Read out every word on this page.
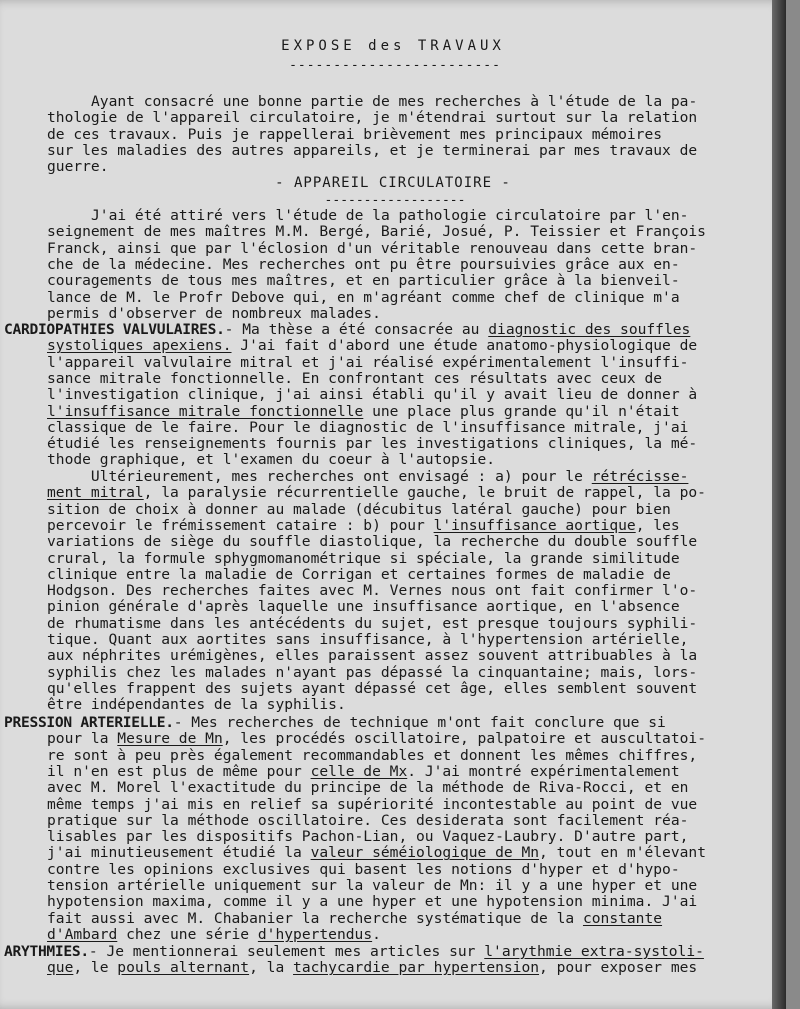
EXPOSE des TRAVAUX
------------------------
Ayant consacré une bonne partie de mes recherches à l'étude de la pa-
thologie de l'appareil circulatoire, je m'étendrai surtout sur la relation
de ces travaux. Puis je rappellerai brièvement mes principaux mémoires
sur les maladies des autres appareils, et je terminerai par mes travaux de
guerre.
- APPAREIL CIRCULATOIRE -
------------------
J'ai été attiré vers l'étude de la pathologie circulatoire par l'en-
seignement de mes maîtres M.M. Bergé, Barié, Josué, P. Teissier et François
Franck, ainsi que par l'éclosion d'un véritable renouveau dans cette bran-
che de la médecine. Mes recherches ont pu être poursuivies grâce aux en-
couragements de tous mes maîtres, et en particulier grâce à la bienveil-
lance de M. le Profr Debove qui, en m'agréant comme chef de clinique m'a
permis d'observer de nombreux malades.
CARDIOPATHIES VALVULAIRES.- Ma thèse a été consacrée au diagnostic des souffles
systoliques apexiens. J'ai fait d'abord une étude anatomo-physiologique de
l'appareil valvulaire mitral et j'ai réalisé expérimentalement l'insuffi-
sance mitrale fonctionnelle. En confrontant ces résultats avec ceux de
l'investigation clinique, j'ai ainsi établi qu'il y avait lieu de donner à
l'insuffisance mitrale fonctionnelle une place plus grande qu'il n'était
classique de le faire. Pour le diagnostic de l'insuffisance mitrale, j'ai
étudié les renseignements fournis par les investigations cliniques, la mé-
thode graphique, et l'examen du coeur à l'autopsie.
Ultérieurement, mes recherches ont envisagé : a) pour le rétrécisse-
ment mitral, la paralysie récurrentielle gauche, le bruit de rappel, la po-
sition de choix à donner au malade (décubitus latéral gauche) pour bien
percevoir le frémissement cataire : b) pour l'insuffisance aortique, les
variations de siège du souffle diastolique, la recherche du double souffle
crural, la formule sphygmomanométrique si spéciale, la grande similitude
clinique entre la maladie de Corrigan et certaines formes de maladie de
Hodgson. Des recherches faites avec M. Vernes nous ont fait confirmer l'o-
pinion générale d'après laquelle une insuffisance aortique, en l'absence
de rhumatisme dans les antécédents du sujet, est presque toujours syphili-
tique. Quant aux aortites sans insuffisance, à l'hypertension artérielle,
aux néphrites urémigènes, elles paraissent assez souvent attribuables à la
syphilis chez les malades n'ayant pas dépassé la cinquantaine; mais, lors-
qu'elles frappent des sujets ayant dépassé cet âge, elles semblent souvent
être indépendantes de la syphilis.
PRESSION ARTERIELLE.- Mes recherches de technique m'ont fait conclure que si
pour la Mesure de Mn, les procédés oscillatoire, palpatoire et auscultatoi-
re sont à peu près également recommandables et donnent les mêmes chiffres,
il n'en est plus de même pour celle de Mx. J'ai montré expérimentalement
avec M. Morel l'exactitude du principe de la méthode de Riva-Rocci, et en
même temps j'ai mis en relief sa supériorité incontestable au point de vue
pratique sur la méthode oscillatoire. Ces desiderata sont facilement réa-
lisables par les dispositifs Pachon-Lian, ou Vaquez-Laubry. D'autre part,
j'ai minutieusement étudié la valeur séméiologique de Mn, tout en m'élevant
contre les opinions exclusives qui basent les notions d'hyper et d'hypo-
tension artérielle uniquement sur la valeur de Mn: il y a une hyper et une
hypotension maxima, comme il y a une hyper et une hypotension minima. J'ai
fait aussi avec M. Chabanier la recherche systématique de la constante
d'Ambard chez une série d'hypertendus.
ARYTHMIES.- Je mentionnerai seulement mes articles sur l'arythmie extra-systoli-
que, le pouls alternant, la tachycardie par hypertension, pour exposer mes
